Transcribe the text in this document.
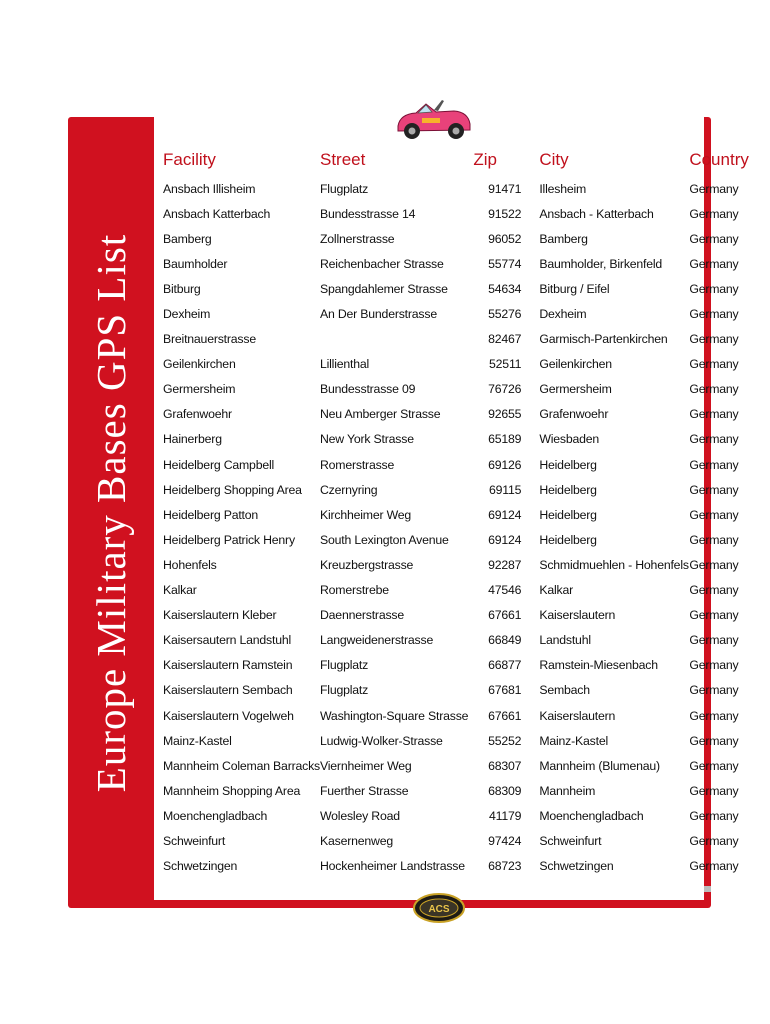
Europe Military Bases GPS List
Facility	Street	Zip	City	Country
Ansbach Illisheim	Flugplatz	91471	Illesheim	Germany
Ansbach Katterbach	Bundesstrasse 14	91522	Ansbach - Katterbach	Germany
Bamberg	Zollnerstrasse	96052	Bamberg	Germany
Baumholder	Reichenbacher Strasse	55774	Baumholder, Birkenfeld	Germany
Bitburg	Spangdahlemer Strasse	54634	Bitburg / Eifel	Germany
Dexheim	An Der Bunderstrasse	55276	Dexheim	Germany
Breitnauerstrasse		82467	Garmisch-Partenkirchen	Germany
Geilenkirchen	Lillienthal	52511	Geilenkirchen	Germany
Germersheim	Bundesstrasse 09	76726	Germersheim	Germany
Grafenwoehr	Neu Amberger Strasse	92655	Grafenwoehr	Germany
Hainerberg	New York Strasse	65189	Wiesbaden	Germany
Heidelberg Campbell	Romerstrasse	69126	Heidelberg	Germany
Heidelberg Shopping Area	Czernyring	69115	Heidelberg	Germany
Heidelberg Patton	Kirchheimer Weg	69124	Heidelberg	Germany
Heidelberg Patrick Henry	South Lexington Avenue	69124	Heidelberg	Germany
Hohenfels	Kreuzbergstrasse	92287	Schmidmuehlen - Hohenfels	Germany
Kalkar	Romerstrebe	47546	Kalkar	Germany
Kaiserslautern Kleber	Daennerstrasse	67661	Kaiserslautern	Germany
Kaisersautern Landstuhl	Langweidenerstrasse	66849	Landstuhl	Germany
Kaiserslautern Ramstein	Flugplatz	66877	Ramstein-Miesenbach	Germany
Kaiserslautern Sembach	Flugplatz	67681	Sembach	Germany
Kaiserslautern Vogelweh	Washington-Square Strasse	67661	Kaiserslautern	Germany
Mainz-Kastel	Ludwig-Wolker-Strasse	55252	Mainz-Kastel	Germany
Mannheim Coleman Barracks	Viernheimer Weg	68307	Mannheim (Blumenau)	Germany
Mannheim Shopping Area	Fuerther Strasse	68309	Mannheim	Germany
Moenchengladbach	Wolesley Road	41179	Moenchengladbach	Germany
Schweinfurt	Kasernenweg	97424	Schweinfurt	Germany
Schwetzingen	Hockenheimer Landstrasse	68723	Schwetzingen	Germany
ACS
